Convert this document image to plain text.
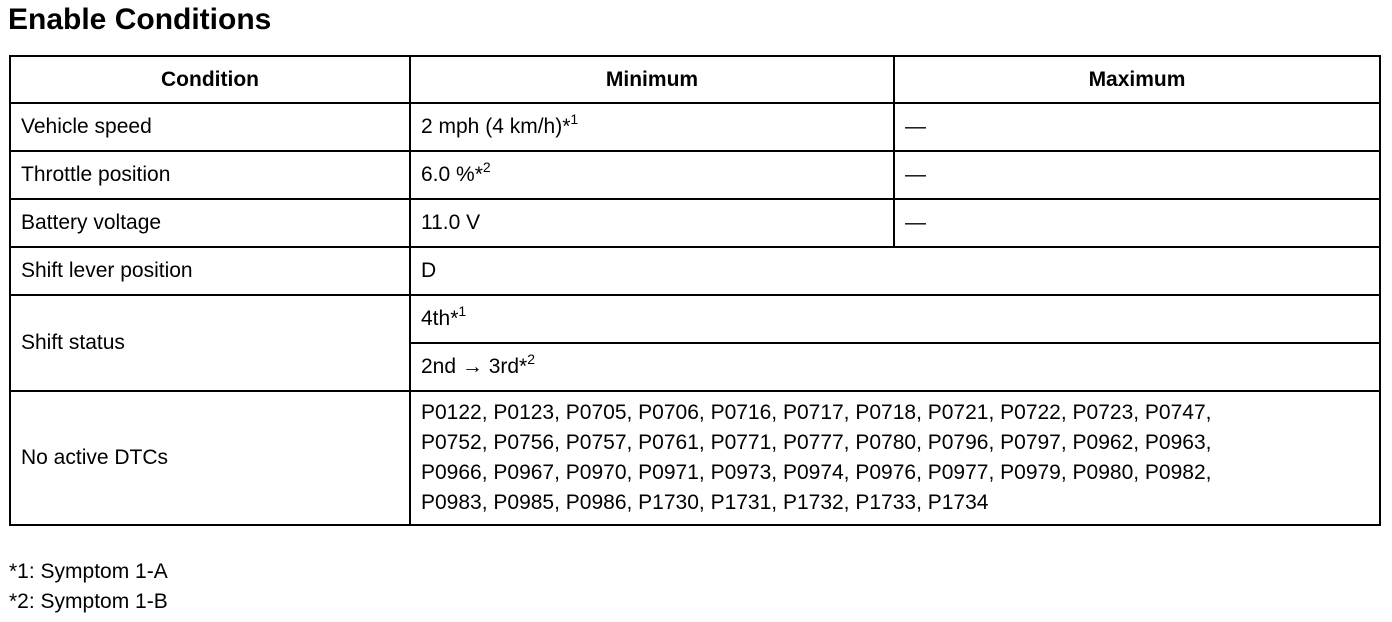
Enable Conditions
Condition	Minimum	Maximum
Vehicle speed	2 mph (4 km/h)*$^1$	—
Throttle position	6.0 %*$^2$	—
Battery voltage	11.0 V	—
Shift lever position	D	
Shift status	4th*$^1$
	2nd → 3rd*$^2$
No active DTCs	P0122, P0123, P0705, P0706, P0716, P0717, P0718, P0721, P0722, P0723, P0747,
P0752, P0756, P0757, P0761, P0771, P0777, P0780, P0796, P0797, P0962, P0963,
P0966, P0967, P0970, P0971, P0973, P0974, P0976, P0977, P0979, P0980, P0982,
P0983, P0985, P0986, P1730, P1731, P1732, P1733, P1734	
*1: Symptom 1-A
*2: Symptom 1-B
